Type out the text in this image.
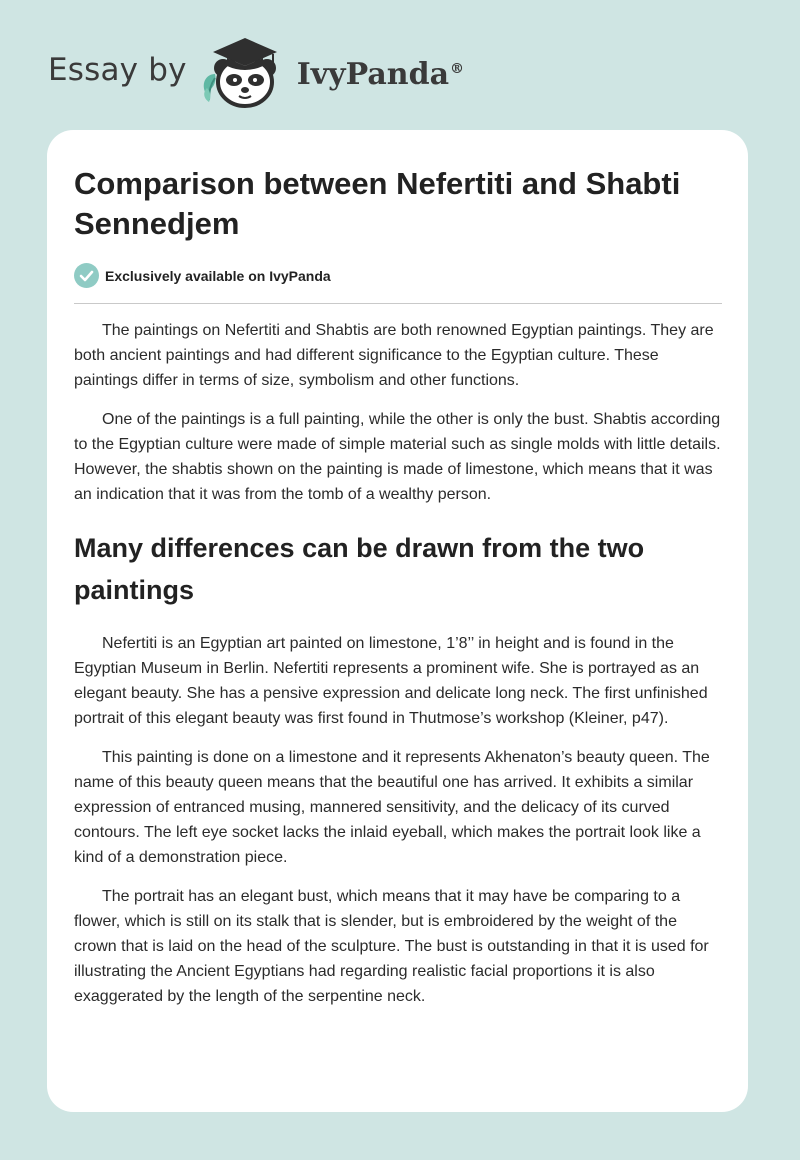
Essay by	IvyPanda®
Comparison between Nefertiti and Shabti Sennedjem
Exclusively available on IvyPanda

The paintings on Nefertiti and Shabtis are both renowned Egyptian paintings. They are both ancient paintings and had different significance to the Egyptian culture. These paintings differ in terms of size, symbolism and other functions.

One of the paintings is a full painting, while the other is only the bust. Shabtis according to the Egyptian culture were made of simple material such as single molds with little details. However, the shabtis shown on the painting is made of limestone, which means that it was an indication that it was from the tomb of a wealthy person.

Many differences can be drawn from the two paintings

Nefertiti is an Egyptian art painted on limestone, 1’8’’ in height and is found in the Egyptian Museum in Berlin. Nefertiti represents a prominent wife. She is portrayed as an elegant beauty. She has a pensive expression and delicate long neck. The first unfinished portrait of this elegant beauty was first found in Thutmose’s workshop (Kleiner, p47).

This painting is done on a limestone and it represents Akhenaton’s beauty queen. The name of this beauty queen means that the beautiful one has arrived. It exhibits a similar expression of entranced musing, mannered sensitivity, and the delicacy of its curved contours. The left eye socket lacks the inlaid eyeball, which makes the portrait look like a kind of a demonstration piece.

The portrait has an elegant bust, which means that it may have be comparing to a flower, which is still on its stalk that is slender, but is embroidered by the weight of the crown that is laid on the head of the sculpture. The bust is outstanding in that it is used for illustrating the Ancient Egyptians had regarding realistic facial proportions it is also exaggerated by the length of the serpentine neck.
